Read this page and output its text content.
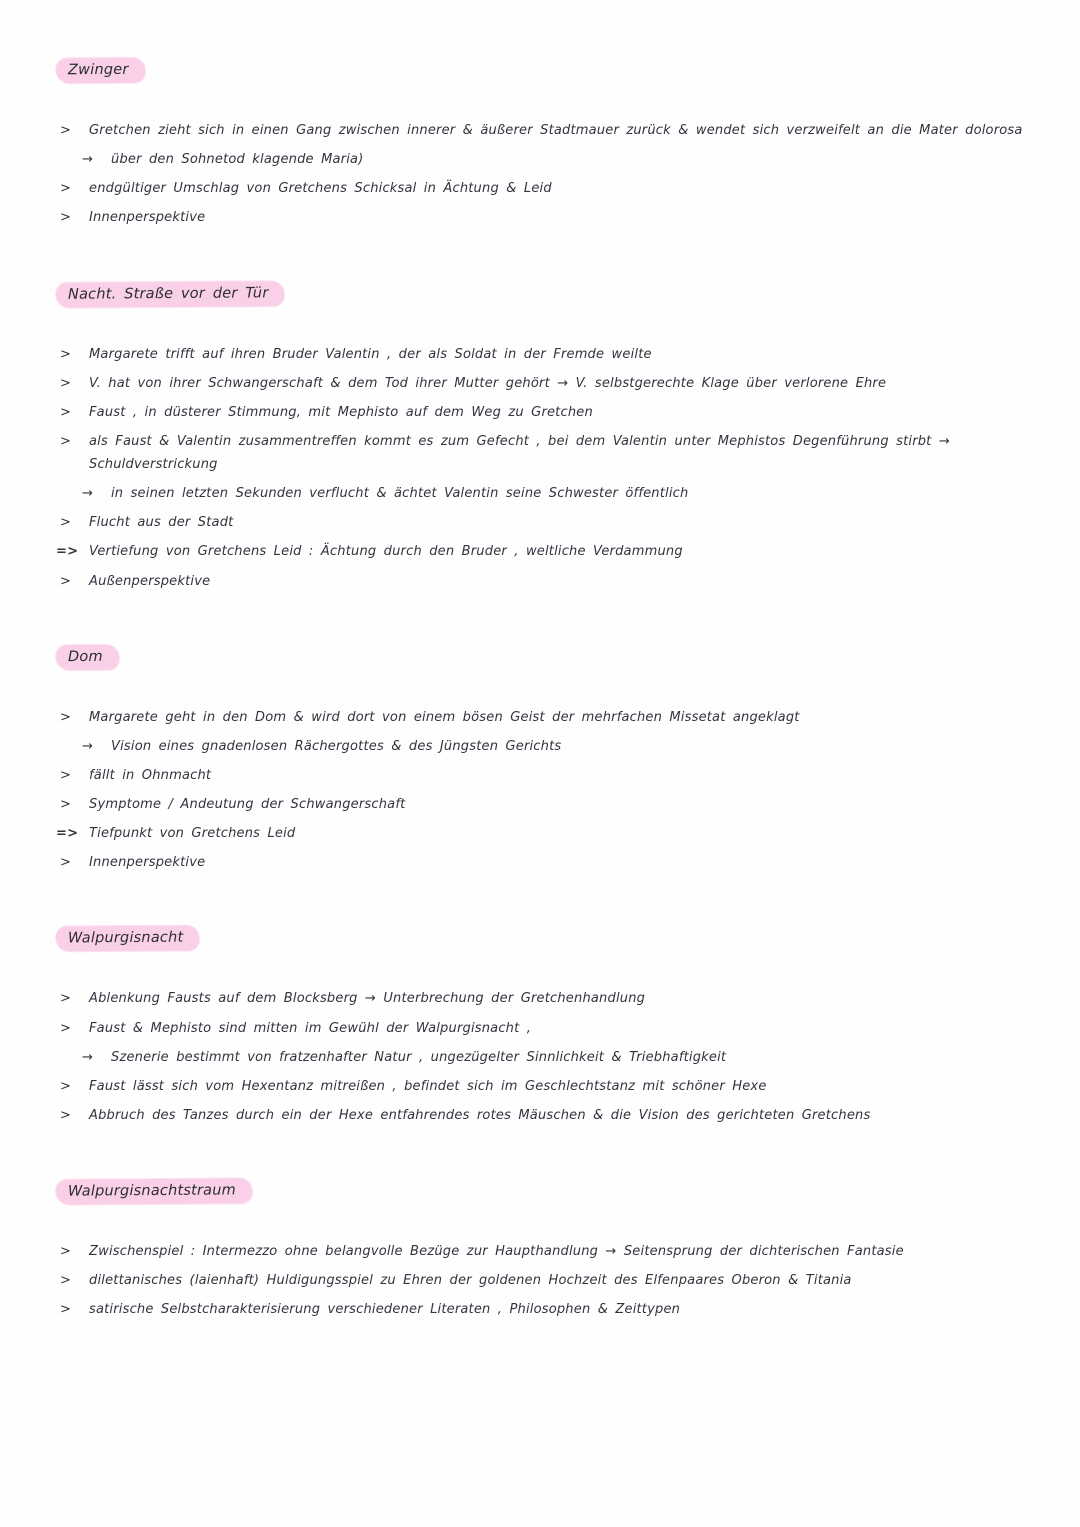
Zwinger
>	Gretchen zieht sich in einen Gang zwischen innerer & äußerer Stadtmauer zurück & wendet sich verzweifelt an die Mater dolorosa
→	über den Sohnetod klagende Maria)
>	endgültiger Umschlag von Gretchens Schicksal in Ächtung & Leid
>	Innenperspektive
Nacht. Straße vor der Tür
>	Margarete trifft auf ihren Bruder Valentin , der als Soldat in der Fremde weilte
>	V. hat von ihrer Schwangerschaft & dem Tod ihrer Mutter gehört → V. selbstgerechte Klage über verlorene Ehre
>	Faust , in düsterer Stimmung, mit Mephisto auf dem Weg zu Gretchen
>	als Faust & Valentin zusammentreffen kommt es zum Gefecht , bei dem Valentin unter Mephistos Degenführung stirbt → Schuldverstrickung
→	in seinen letzten Sekunden verflucht & ächtet Valentin seine Schwester öffentlich
>	Flucht aus der Stadt
=> Vertiefung von Gretchens Leid : Ächtung durch den Bruder , weltliche Verdammung
>	Außenperspektive
Dom
>	Margarete geht in den Dom & wird dort von einem bösen Geist der mehrfachen Missetat angeklagt
→	Vision eines gnadenlosen Rächergottes & des Jüngsten Gerichts
>	fällt in Ohnmacht
>	Symptome / Andeutung der Schwangerschaft
=> Tiefpunkt von Gretchens Leid
>	Innenperspektive
Walpurgisnacht
>	Ablenkung Fausts auf dem Blocksberg → Unterbrechung der Gretchenhandlung
>	Faust & Mephisto sind mitten im Gewühl der Walpurgisnacht ,
→	Szenerie bestimmt von fratzenhafter Natur , ungezügelter Sinnlichkeit & Triebhaftigkeit
>	Faust lässt sich vom Hexentanz mitreißen , befindet sich im Geschlechtstanz mit schöner Hexe
>	Abbruch des Tanzes durch ein der Hexe entfahrendes rotes Mäuschen & die Vision des gerichteten Gretchens
Walpurgisnachtstraum
>	Zwischenspiel : Intermezzo ohne belangvolle Bezüge zur Haupthandlung → Seitensprung der dichterischen Fantasie
>	dilettanisches (laienhaft) Huldigungsspiel zu Ehren der goldenen Hochzeit des Elfenpaares Oberon & Titania
>	satirische Selbstcharakterisierung verschiedener Literaten , Philosophen & Zeittypen
